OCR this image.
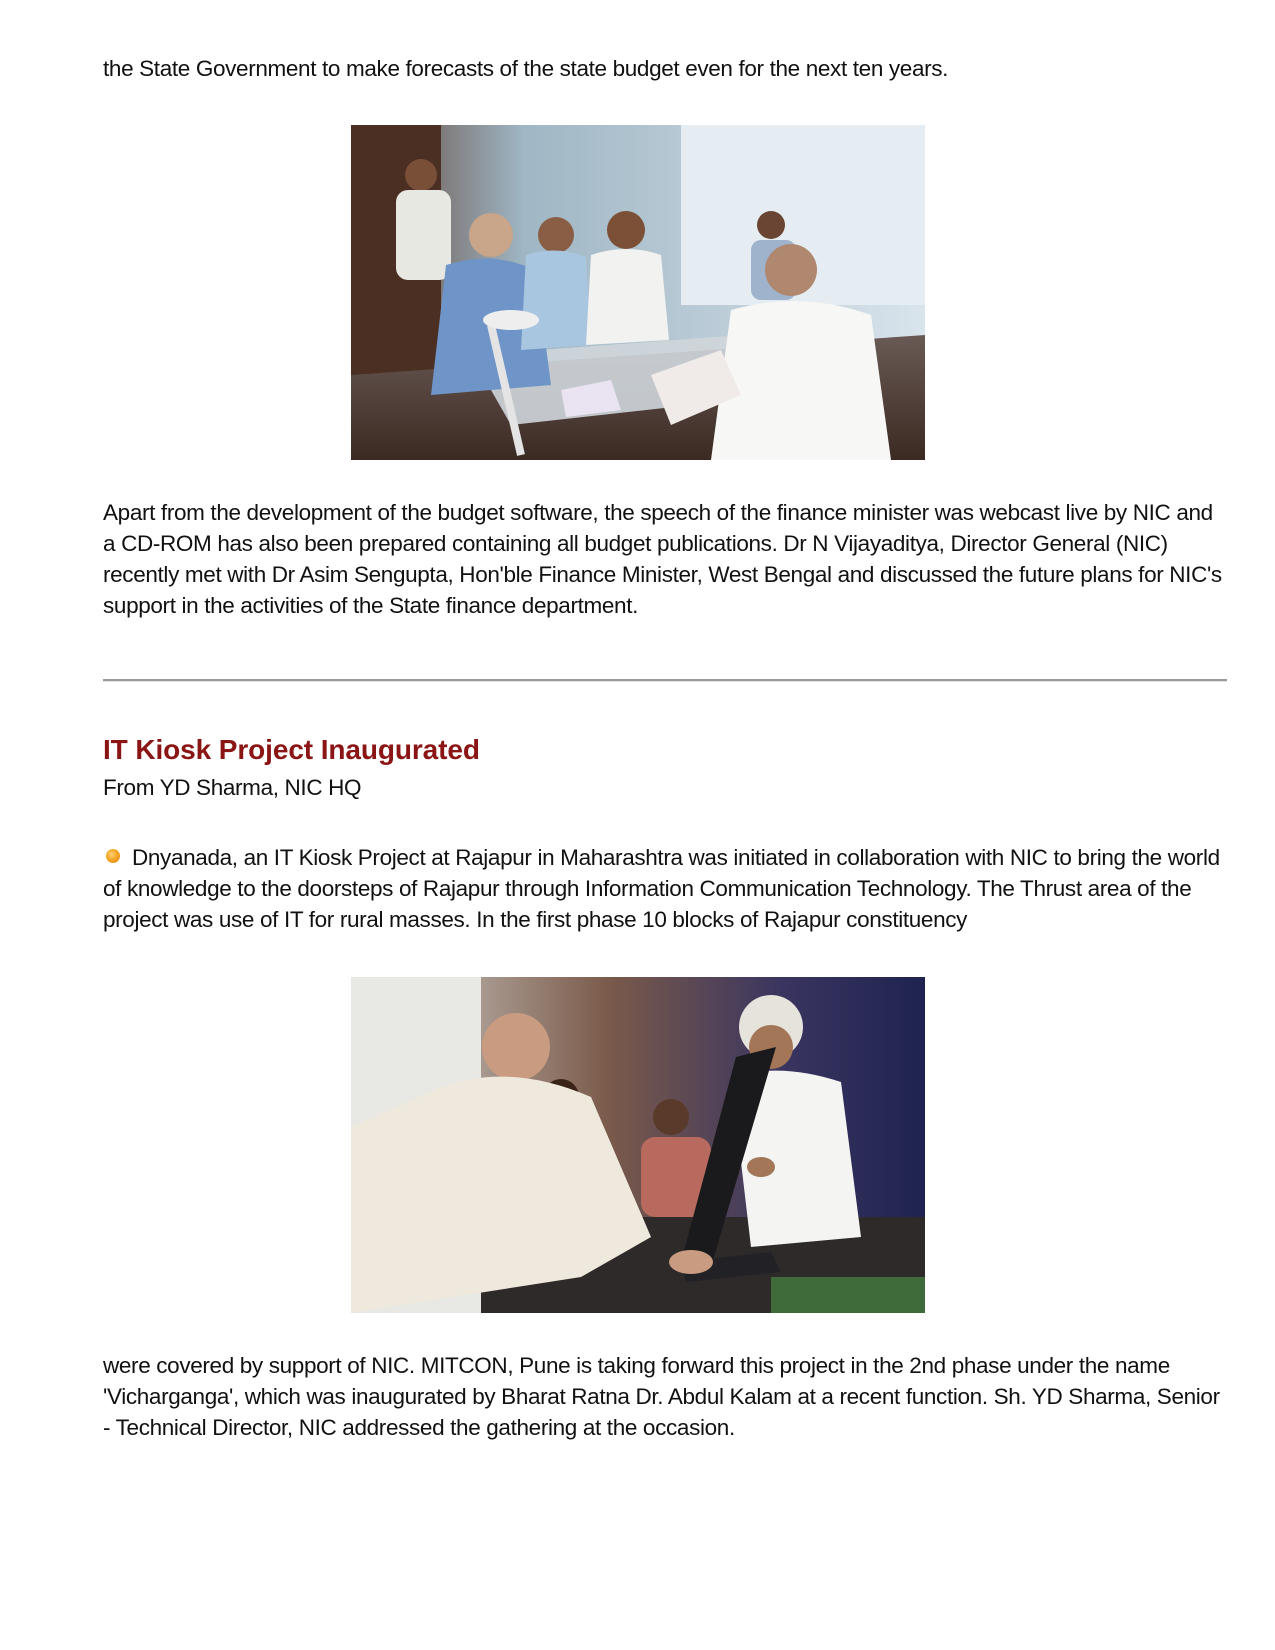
the State Government to make forecasts of the state budget even for the next ten years.

Apart from the development of the budget software, the speech of the finance minister was webcast live by NIC and a CD-ROM has also been prepared containing all budget publications. Dr N Vijayaditya, Director General (NIC) recently met with Dr Asim Sengupta, Hon'ble Finance Minister, West Bengal and discussed the future plans for NIC's support in the activities of the State finance department.

IT Kiosk Project Inaugurated

From YD Sharma, NIC HQ

Dnyanada, an IT Kiosk Project at Rajapur in Maharashtra was initiated in collaboration with NIC to bring the world of knowledge to the doorsteps of Rajapur through Information Communication Technology. The Thrust area of the project was use of IT for rural masses. In the first phase 10 blocks of Rajapur constituency

were covered by support of NIC. MITCON, Pune is taking forward this project in the 2nd phase under the name 'Vicharganga', which was inaugurated by Bharat Ratna Dr. Abdul Kalam at a recent function. Sh. YD Sharma, Senior - Technical Director, NIC addressed the gathering at the occasion.
